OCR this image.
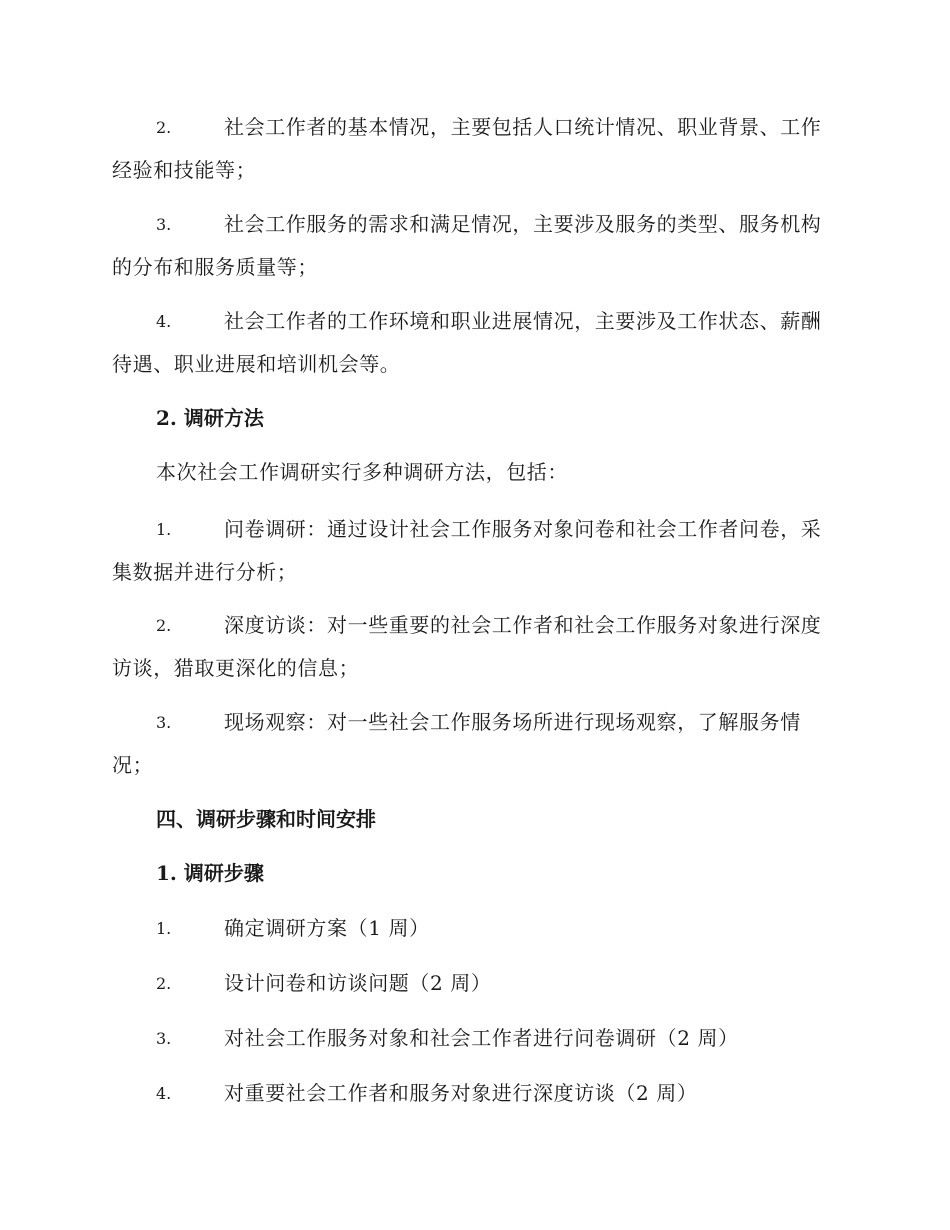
2.	社会工作者的基本情况，主要包括人口统计情况、职业背景、工作经验和技能等；

3.	社会工作服务的需求和满足情况，主要涉及服务的类型、服务机构的分布和服务质量等；

4.	社会工作者的工作环境和职业进展情况，主要涉及工作状态、薪酬待遇、职业进展和培训机会等。

2. 调研方法

本次社会工作调研实行多种调研方法，包括：

1.	问卷调研：通过设计社会工作服务对象问卷和社会工作者问卷，采集数据并进行分析；

2.	深度访谈：对一些重要的社会工作者和社会工作服务对象进行深度访谈，猎取更深化的信息；

3.	现场观察：对一些社会工作服务场所进行现场观察，了解服务情况；

四、调研步骤和时间安排

1. 调研步骤

1.	确定调研方案（1 周）

2.	设计问卷和访谈问题（2 周）

3.	对社会工作服务对象和社会工作者进行问卷调研（2 周）

4.	对重要社会工作者和服务对象进行深度访谈（2 周）
